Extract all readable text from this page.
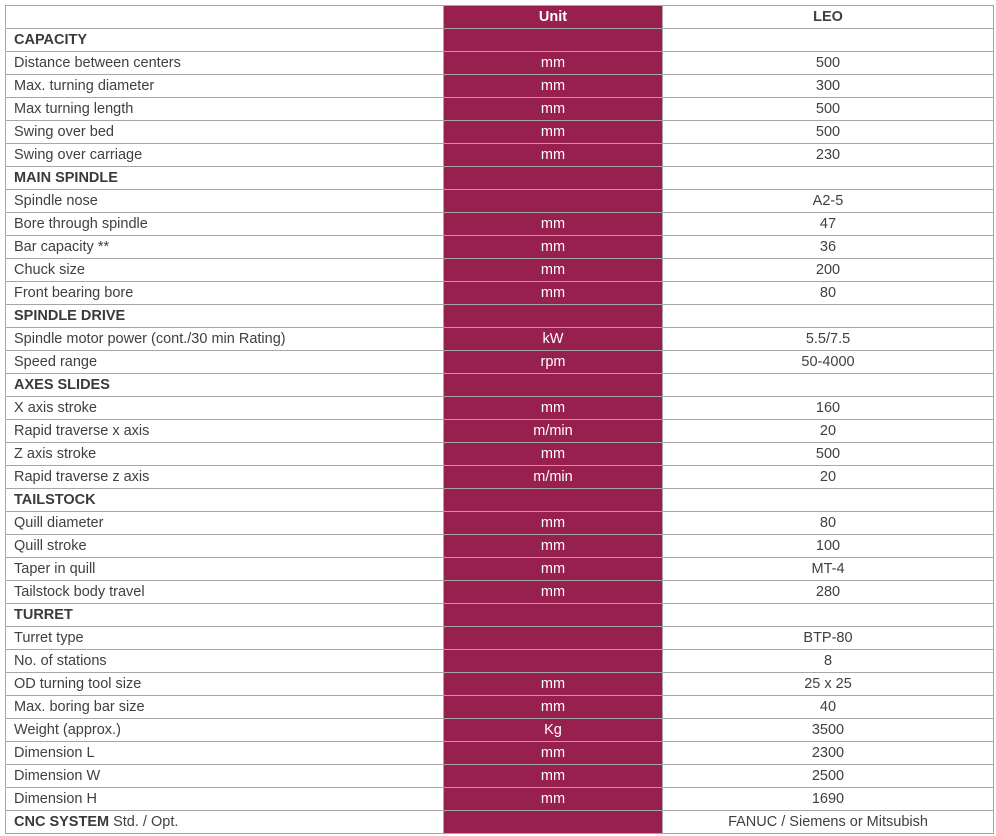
	Unit	LEO
CAPACITY		
Distance between centers	mm	500
Max. turning diameter	mm	300
Max turning length	mm	500
Swing over bed	mm	500
Swing over carriage	mm	230
MAIN SPINDLE		
Spindle nose		A2-5
Bore through spindle	mm	47
Bar capacity **	mm	36
Chuck size	mm	200
Front bearing bore	mm	80
SPINDLE DRIVE		
Spindle motor power (cont./30 min Rating)	kW	5.5/7.5
Speed range	rpm	50-4000
AXES SLIDES		
X axis stroke	mm	160
Rapid traverse x axis	m/min	20
Z axis stroke	mm	500
Rapid traverse z axis	m/min	20
TAILSTOCK		
Quill diameter	mm	80
Quill stroke	mm	100
Taper in quill	mm	MT-4
Tailstock body travel	mm	280
TURRET		
Turret type		BTP-80
No. of stations		8
OD turning tool size	mm	25 x 25
Max. boring bar size	mm	40
Weight (approx.)	Kg	3500
Dimension L	mm	2300
Dimension W	mm	2500
Dimension H	mm	1690
CNC SYSTEM Std. / Opt.		FANUC / Siemens or Mitsubish
